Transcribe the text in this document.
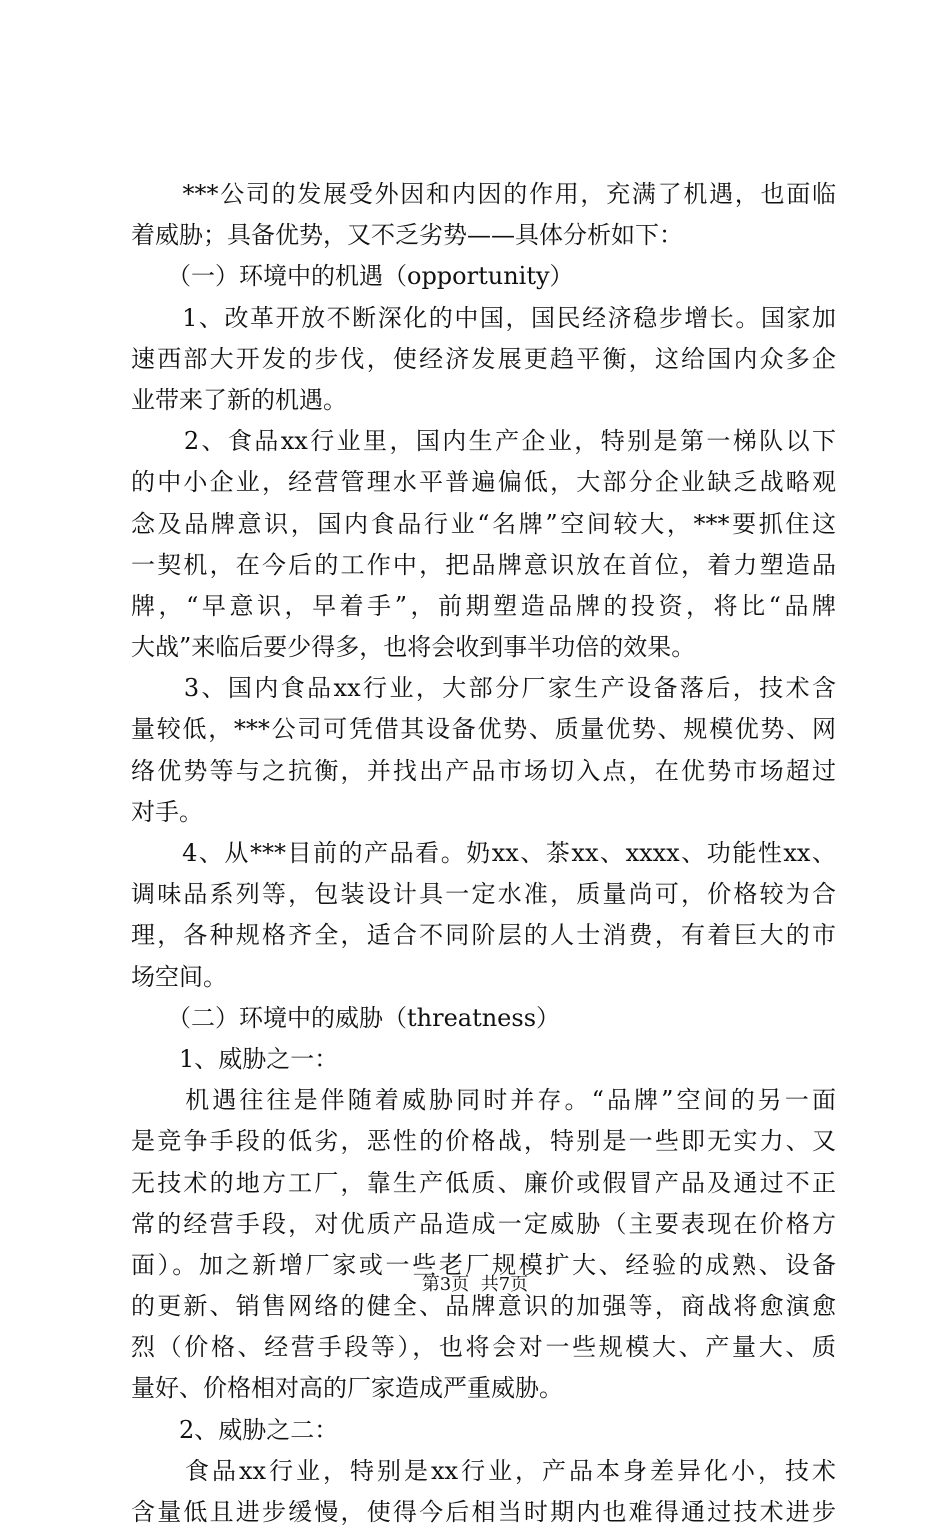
　　***公司的发展受外因和内因的作用，充满了机遇，也面临
着威胁；具备优势，又不乏劣势——具体分析如下：
　　（一）环境中的机遇（opportunity）
　　1、改革开放不断深化的中国，国民经济稳步增长。国家加
速西部大开发的步伐，使经济发展更趋平衡，这给国内众多企
业带来了新的机遇。
　　2、食品xx行业里，国内生产企业，特别是第一梯队以下
的中小企业，经营管理水平普遍偏低，大部分企业缺乏战略观
念及品牌意识，国内食品行业“名牌”空间较大，***要抓住这
一契机，在今后的工作中，把品牌意识放在首位，着力塑造品
牌，“早意识，早着手”，前期塑造品牌的投资，将比“品牌
大战”来临后要少得多，也将会收到事半功倍的效果。
　　3、国内食品xx行业，大部分厂家生产设备落后，技术含
量较低，***公司可凭借其设备优势、质量优势、规模优势、网
络优势等与之抗衡，并找出产品市场切入点，在优势市场超过
对手。
　　4、从***目前的产品看。奶xx、茶xx、xxxx、功能性xx、
调味品系列等，包装设计具一定水准，质量尚可，价格较为合
理，各种规格齐全，适合不同阶层的人士消费，有着巨大的市
场空间。
　　（二）环境中的威胁（threatness）
　　1、威胁之一：
　　机遇往往是伴随着威胁同时并存。“品牌”空间的另一面
是竞争手段的低劣，恶性的价格战，特别是一些即无实力、又
无技术的地方工厂，靠生产低质、廉价或假冒产品及通过不正
常的经营手段，对优质产品造成一定威胁（主要表现在价格方
面）。加之新增厂家或一些老厂规模扩大、经验的成熟、设备
的更新、销售网络的健全、品牌意识的加强等，商战将愈演愈
烈（价格、经营手段等），也将会对一些规模大、产量大、质
量好、价格相对高的厂家造成严重威胁。
　　2、威胁之二：
　　食品xx行业，特别是xx行业，产品本身差异化小，技术
含量低且进步缓慢，使得今后相当时期内也难得通过技术进步
第3页  共7页
